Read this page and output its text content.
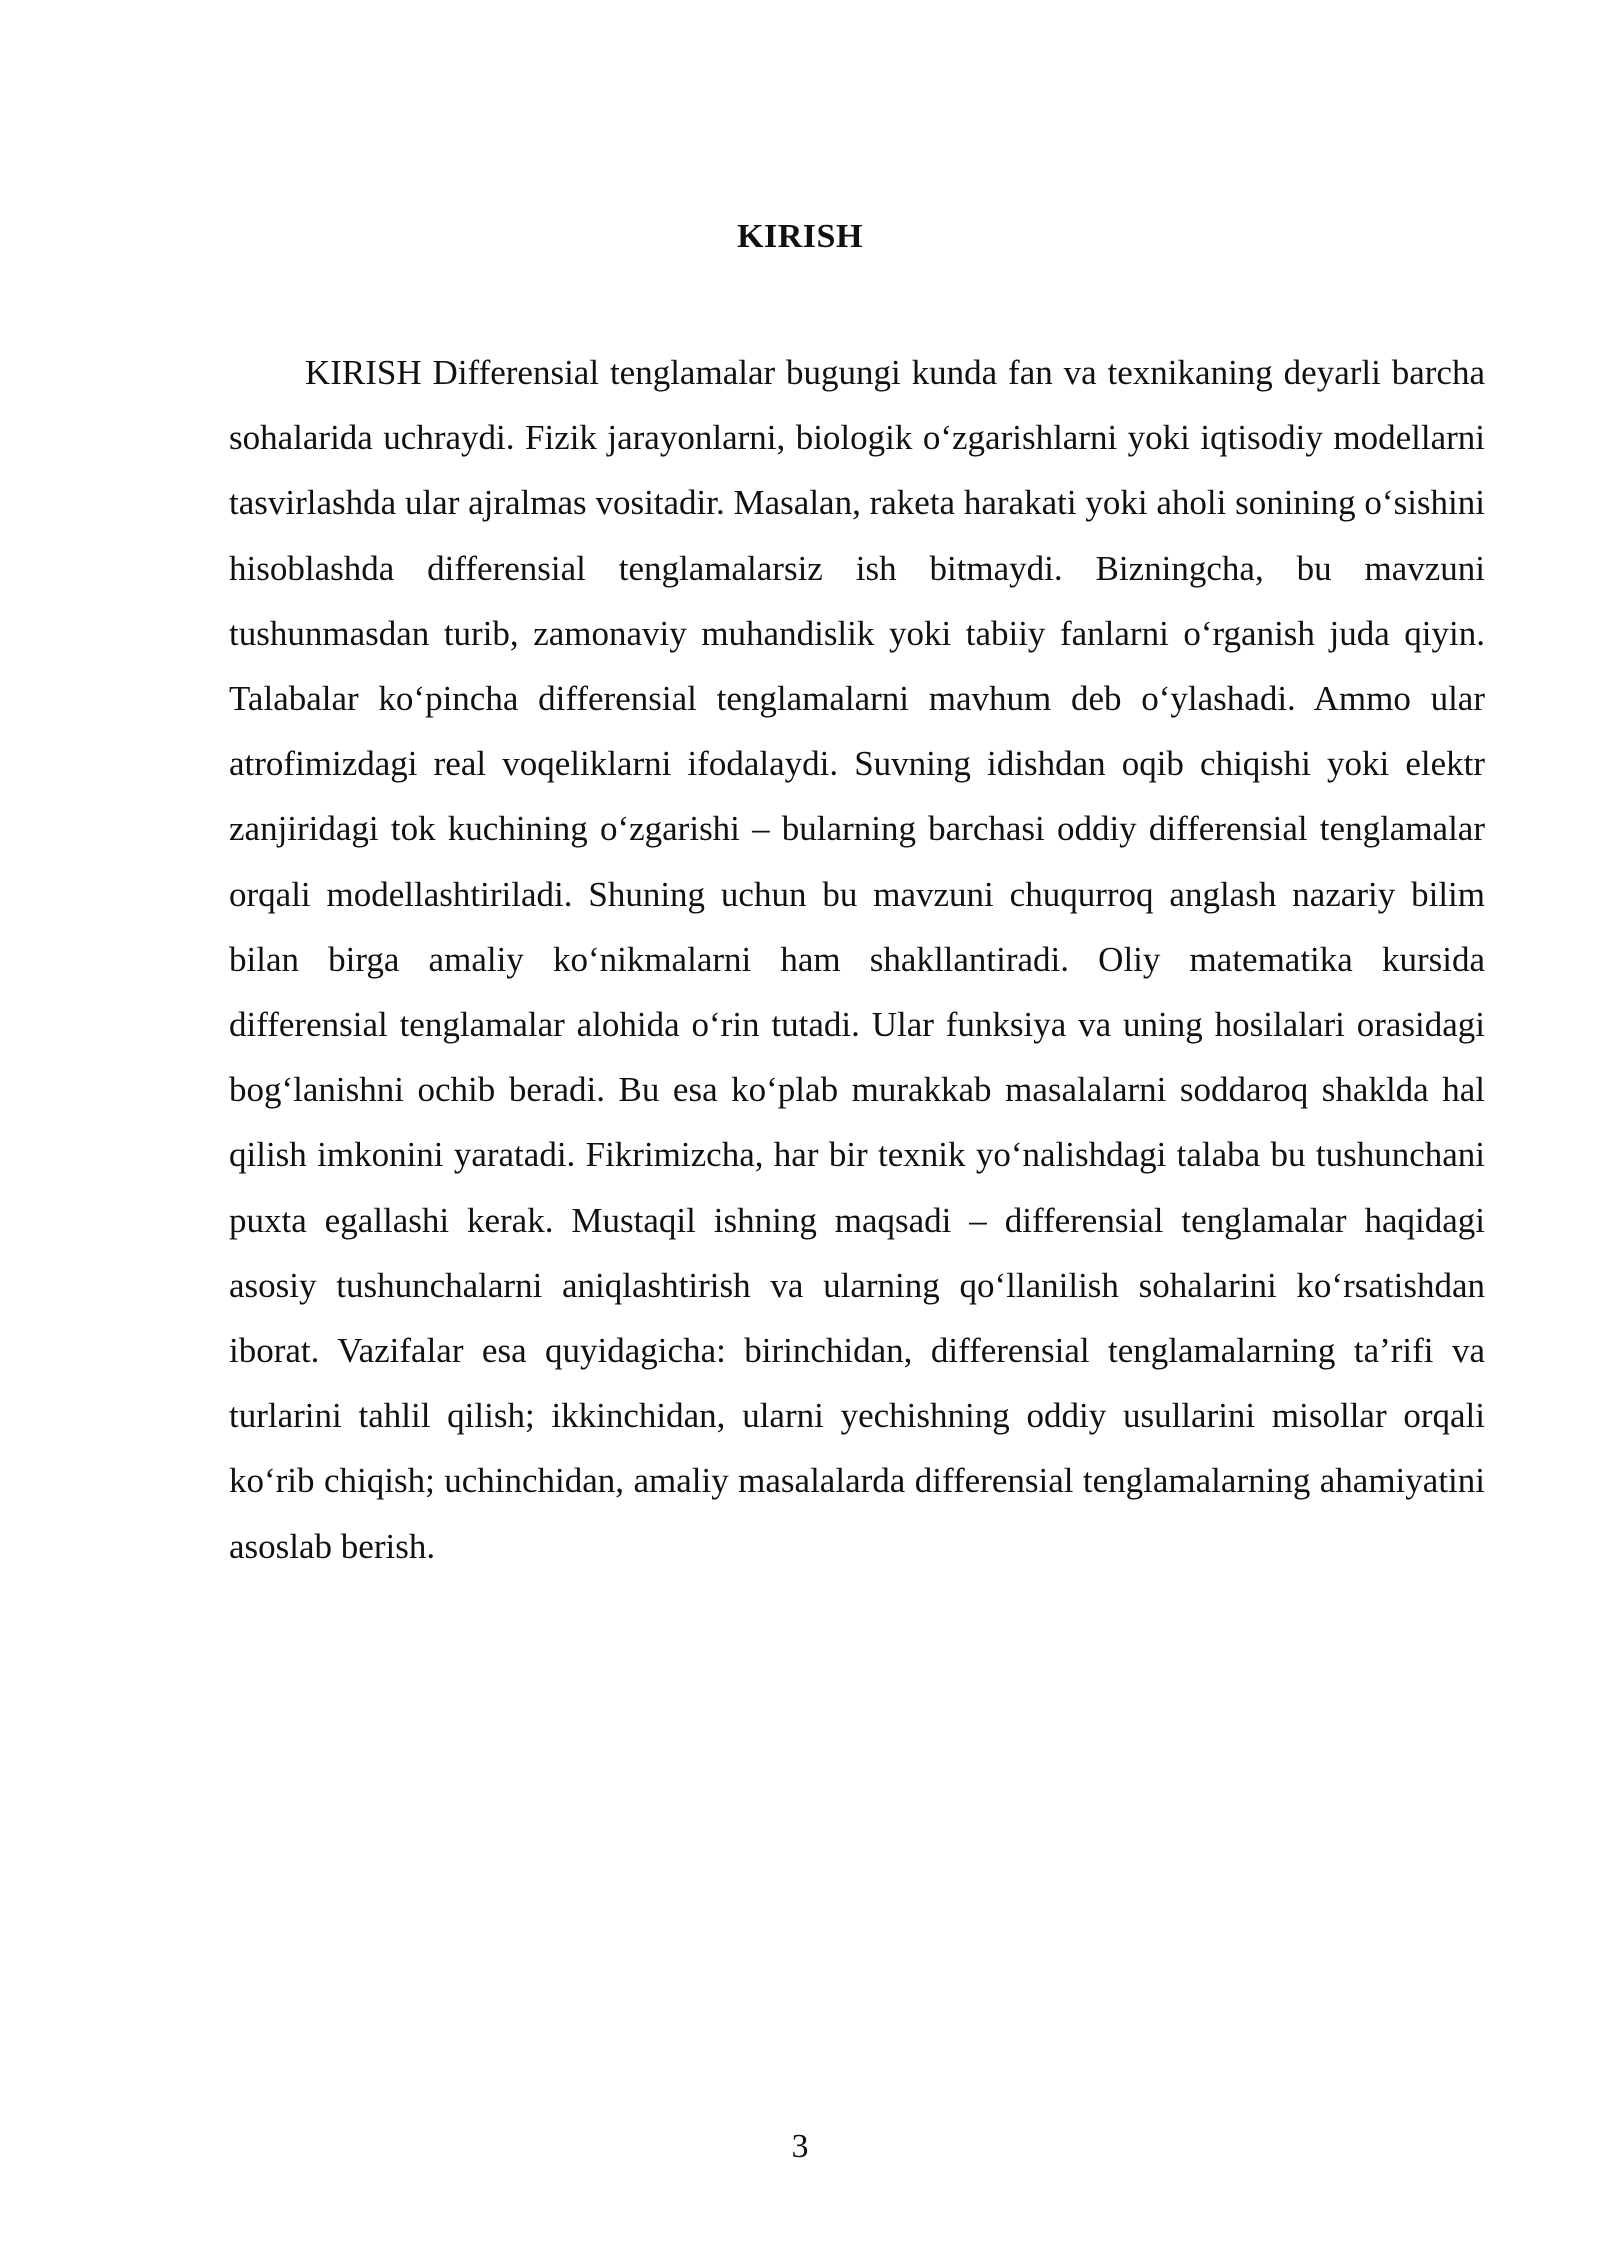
KIRISH

KIRISH Differensial tenglamalar bugungi kunda fan va texnikaning deyarli barcha sohalarida uchraydi. Fizik jarayonlarni, biologik o‘zgarishlarni yoki iqtisodiy modellarni tasvirlashda ular ajralmas vositadir. Masalan, raketa harakati yoki aholi sonining o‘sishini hisoblashda differensial tenglamalarsiz ish bitmaydi. Bizningcha, bu mavzuni tushunmasdan turib, zamonaviy muhandislik yoki tabiiy fanlarni o‘rganish juda qiyin. Talabalar ko‘pincha differensial tenglamalarni mavhum deb o‘ylashadi. Ammo ular atrofimizdagi real voqeliklarni ifodalaydi. Suvning idishdan oqib chiqishi yoki elektr zanjiridagi tok kuchining o‘zgarishi – bularning barchasi oddiy differensial tenglamalar orqali modellashtiriladi. Shuning uchun bu mavzuni chuqurroq anglash nazariy bilim bilan birga amaliy ko‘nikmalarni ham shakllantiradi. Oliy matematika kursida differensial tenglamalar alohida o‘rin tutadi. Ular funksiya va uning hosilalari orasidagi bog‘lanishni ochib beradi. Bu esa ko‘plab murakkab masalalarni soddaroq shaklda hal qilish imkonini yaratadi. Fikrimizcha, har bir texnik yo‘nalishdagi talaba bu tushunchani puxta egallashi kerak. Mustaqil ishning maqsadi – differensial tenglamalar haqidagi asosiy tushunchalarni aniqlashtirish va ularning qo‘llanilish sohalarini ko‘rsatishdan iborat. Vazifalar esa quyidagicha: birinchidan, differensial tenglamalarning ta’rifi va turlarini tahlil qilish; ikkinchidan, ularni yechishning oddiy usullarini misollar orqali ko‘rib chiqish; uchinchidan, amaliy masalalarda differensial tenglamalarning ahamiyatini asoslab berish.

3
